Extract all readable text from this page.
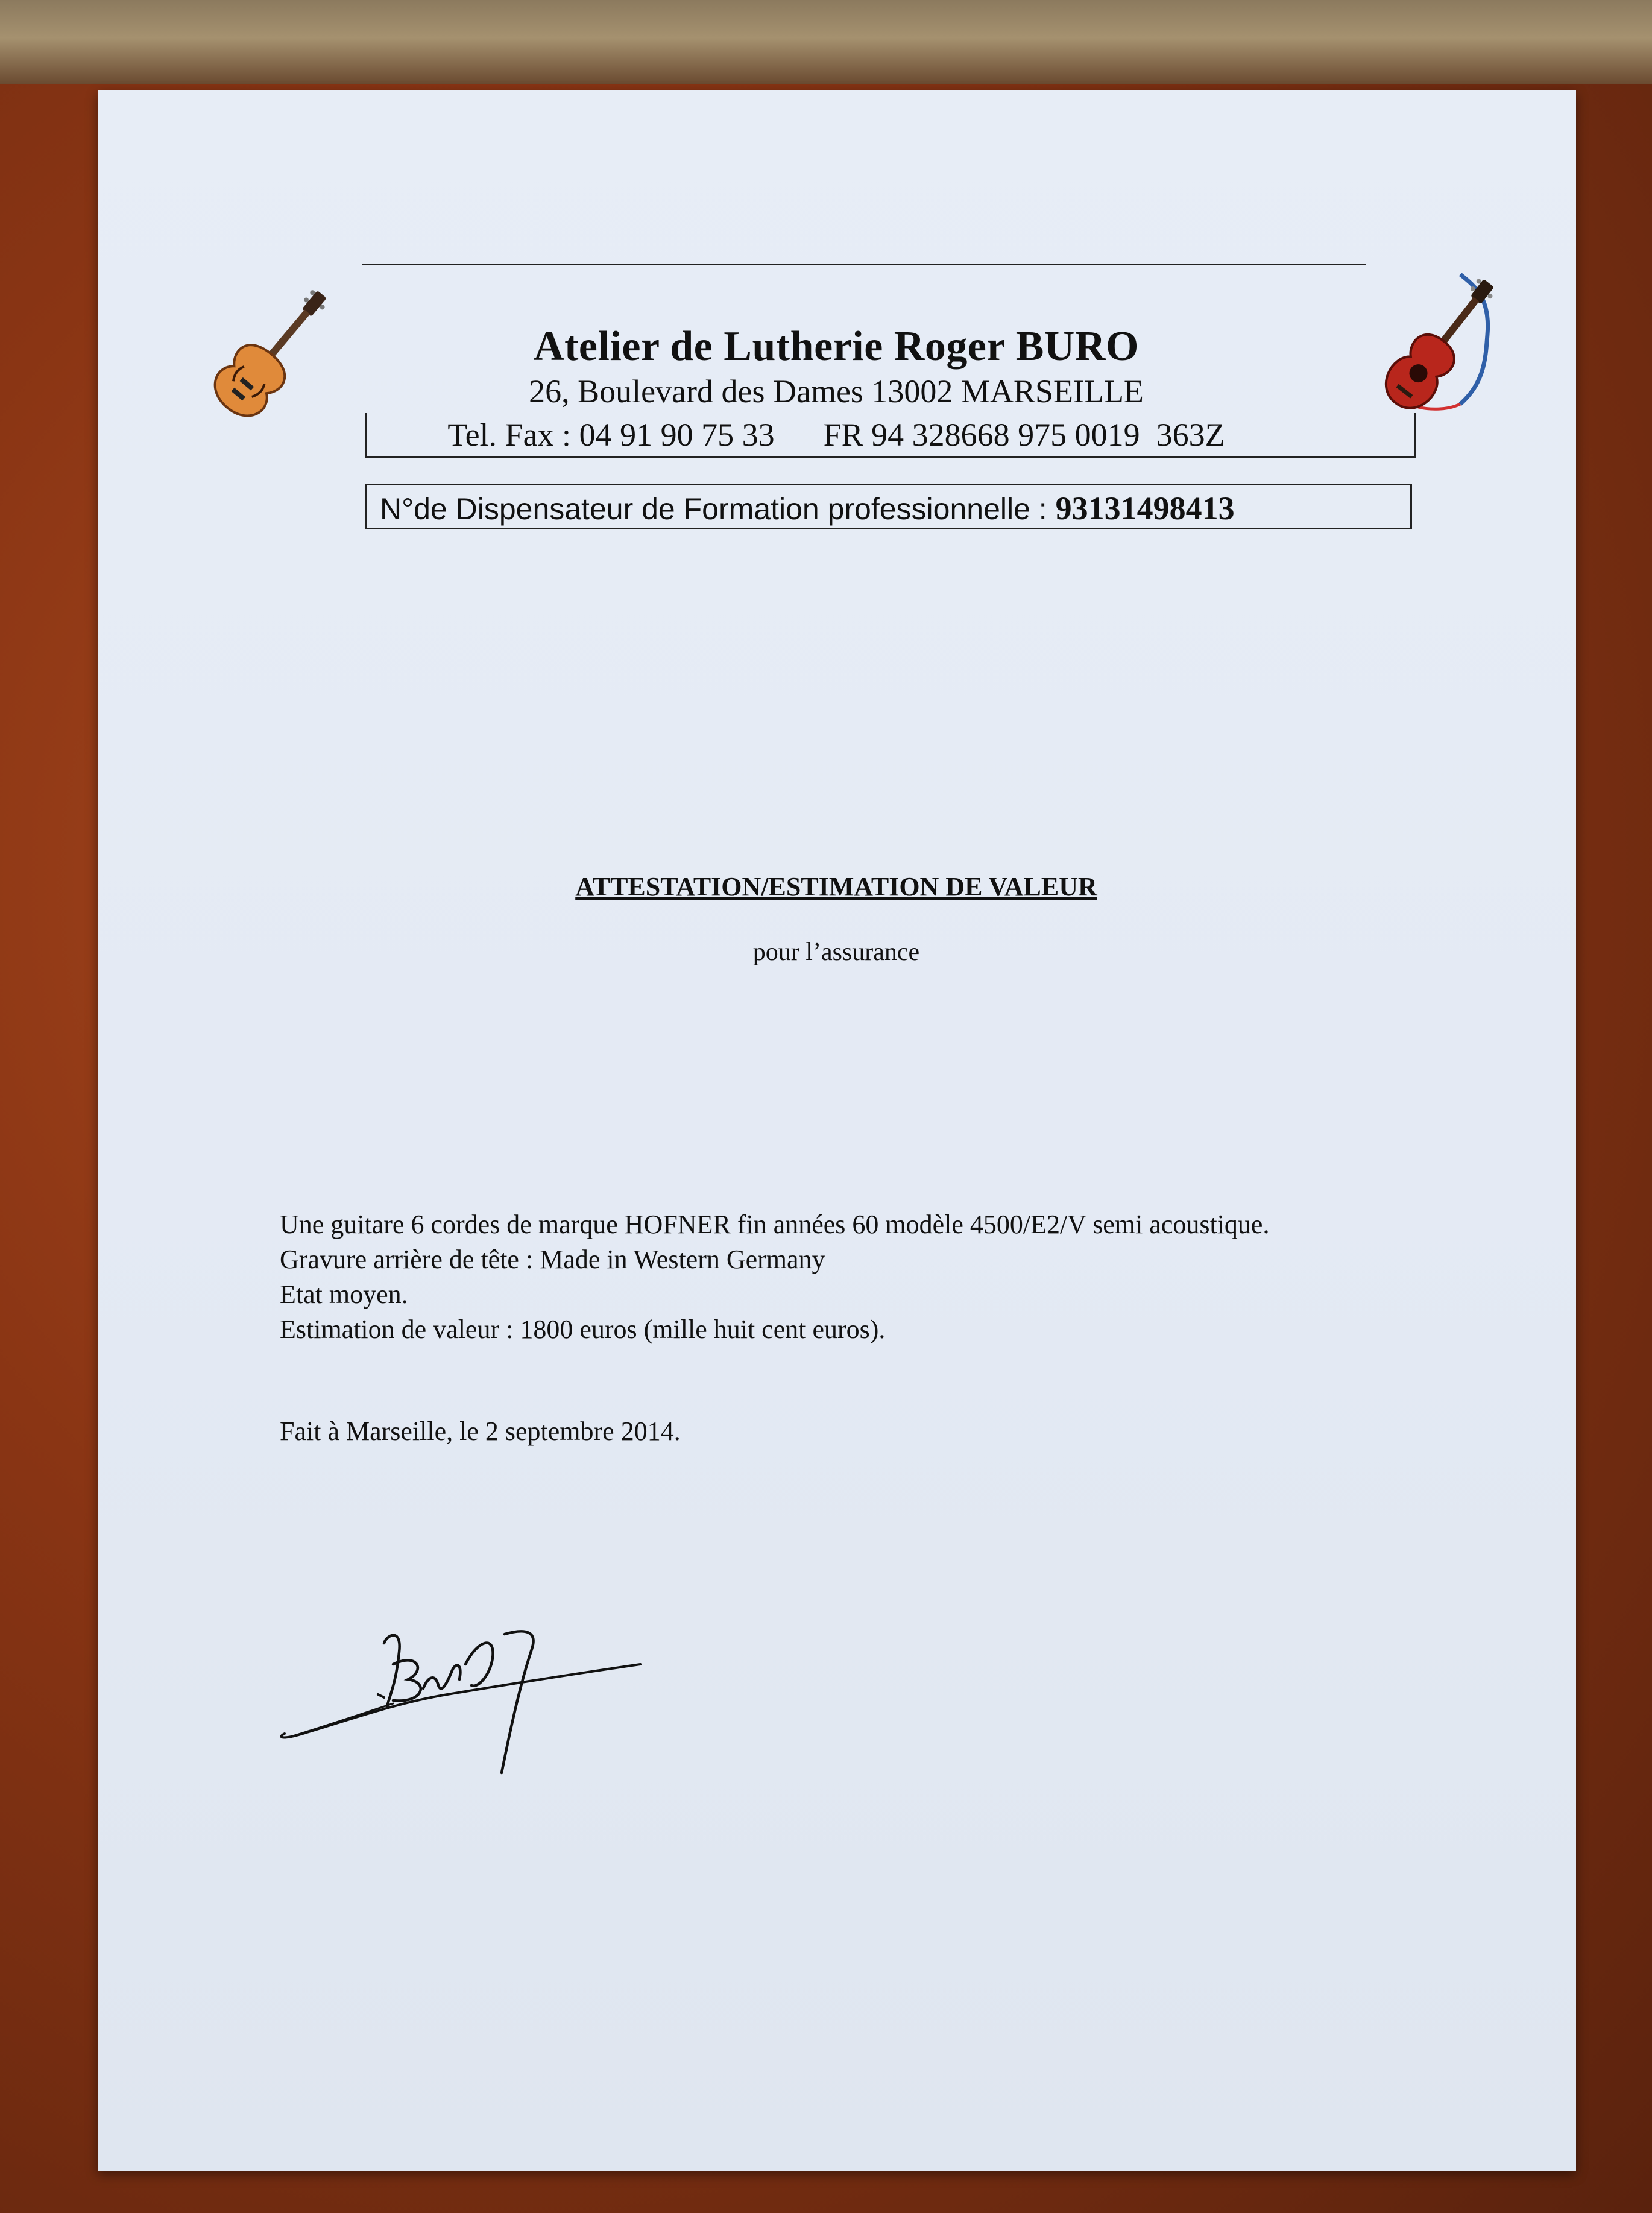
Atelier de Lutherie Roger BURO
26, Boulevard des Dames 13002 MARSEILLE
Tel. Fax : 04 91 90 75 33      FR 94 328668 975 0019  363Z
N°de Dispensateur de Formation professionnelle : 93131498413
ATTESTATION/ESTIMATION DE VALEUR
pour l’assurance
Une guitare 6 cordes de marque HOFNER fin années 60 modèle 4500/E2/V semi acoustique.
Gravure arrière de tête : Made in Western Germany
Etat moyen.
Estimation de valeur : 1800 euros (mille huit cent euros).
Fait à Marseille, le 2 septembre 2014.
